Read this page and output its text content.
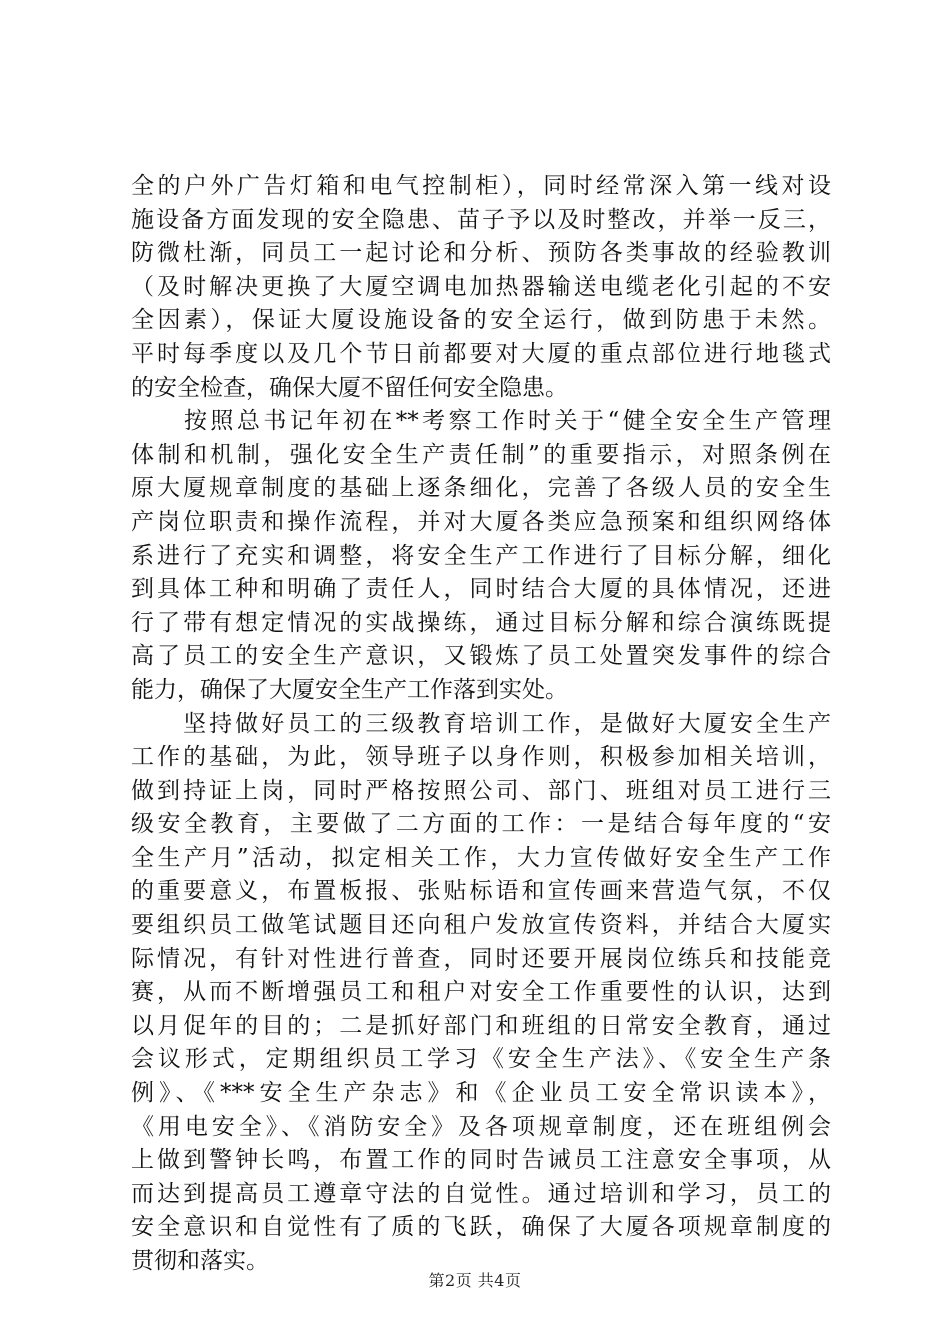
全的户外广告灯箱和电气控制柜），同时经常深入第一线对设
施设备方面发现的安全隐患、苗子予以及时整改，并举一反三，
防微杜渐，同员工一起讨论和分析、预防各类事故的经验教训
（及时解决更换了大厦空调电加热器输送电缆老化引起的不安
全因素），保证大厦设施设备的安全运行，做到防患于未然。
平时每季度以及几个节日前都要对大厦的重点部位进行地毯式
的安全检查，确保大厦不留任何安全隐患。
　　按照总书记年初在**考察工作时关于“健全安全生产管理
体制和机制，强化安全生产责任制”的重要指示，对照条例在
原大厦规章制度的基础上逐条细化，完善了各级人员的安全生
产岗位职责和操作流程，并对大厦各类应急预案和组织网络体
系进行了充实和调整，将安全生产工作进行了目标分解，细化
到具体工种和明确了责任人，同时结合大厦的具体情况，还进
行了带有想定情况的实战操练，通过目标分解和综合演练既提
高了员工的安全生产意识，又锻炼了员工处置突发事件的综合
能力，确保了大厦安全生产工作落到实处。
　　坚持做好员工的三级教育培训工作，是做好大厦安全生产
工作的基础，为此，领导班子以身作则，积极参加相关培训，
做到持证上岗，同时严格按照公司、部门、班组对员工进行三
级安全教育，主要做了二方面的工作：一是结合每年度的“安
全生产月”活动，拟定相关工作，大力宣传做好安全生产工作
的重要意义，布置板报、张贴标语和宣传画来营造气氛，不仅
要组织员工做笔试题目还向租户发放宣传资料，并结合大厦实
际情况，有针对性进行普查，同时还要开展岗位练兵和技能竞
赛，从而不断增强员工和租户对安全工作重要性的认识，达到
以月促年的目的；二是抓好部门和班组的日常安全教育，通过
会议形式，定期组织员工学习《安全生产法》、《安全生产条
例》、《***安全生产杂志》和《企业员工安全常识读本》，
《用电安全》、《消防安全》及各项规章制度，还在班组例会
上做到警钟长鸣，布置工作的同时告诫员工注意安全事项，从
而达到提高员工遵章守法的自觉性。通过培训和学习，员工的
安全意识和自觉性有了质的飞跃，确保了大厦各项规章制度的
贯彻和落实。
第2页 共4页
